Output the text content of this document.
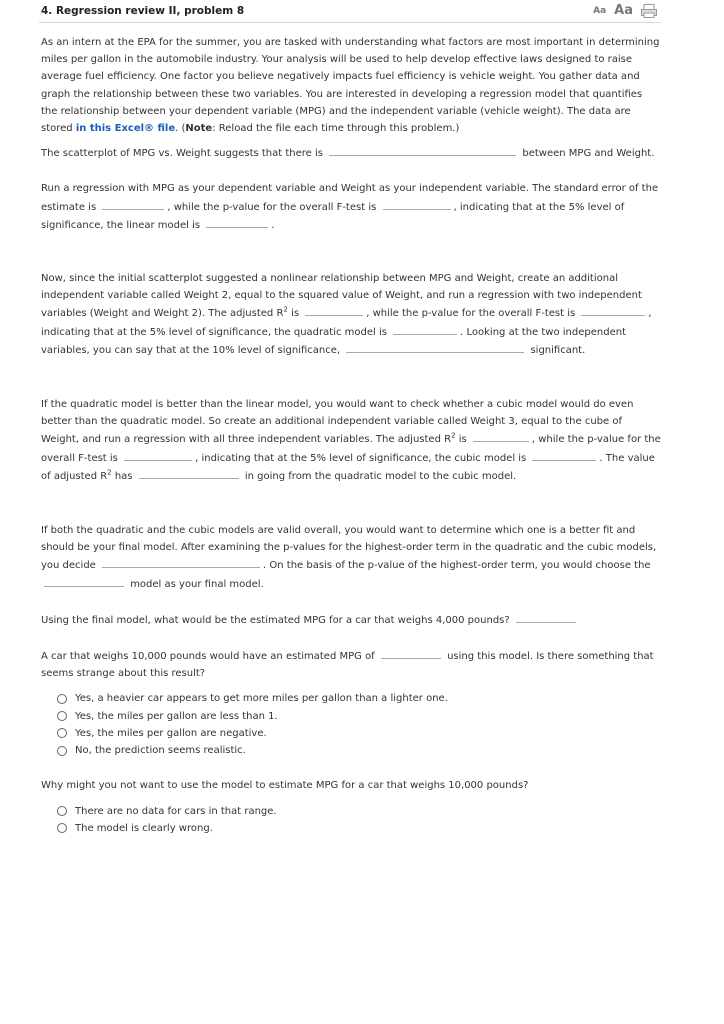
4. Regression review II, problem 8	Aa Aa

As an intern at the EPA for the summer, you are tasked with understanding what factors are most important in determining miles per gallon in the automobile industry. Your analysis will be used to help develop effective laws designed to raise average fuel efficiency. One factor you believe negatively impacts fuel efficiency is vehicle weight. You gather data and graph the relationship between these two variables. You are interested in developing a regression model that quantifies the relationship between your dependent variable (MPG) and the independent variable (vehicle weight). The data are stored in this Excel® file. (Note: Reload the file each time through this problem.)

The scatterplot of MPG vs. Weight suggests that there is	between MPG and Weight.

Run a regression with MPG as your dependent variable and Weight as your independent variable. The standard error of the estimate is	, while the p-value for the overall F-test is	, indicating that at the 5% level of significance, the linear model is	.

Now, since the initial scatterplot suggested a nonlinear relationship between MPG and Weight, create an additional independent variable called Weight 2, equal to the squared value of Weight, and run a regression with two independent variables (Weight and Weight 2). The adjusted $R^2$ is	, while the p-value for the overall F-test is	, indicating that at the 5% level of significance, the quadratic model is	. Looking at the two independent variables, you can say that at the 10% level of significance,	significant.

If the quadratic model is better than the linear model, you would want to check whether a cubic model would do even better than the quadratic model. So create an additional independent variable called Weight 3, equal to the cube of Weight, and run a regression with all three independent variables. The adjusted $R^2$ is	, while the p-value for the overall F-test is	, indicating that at the 5% level of significance, the cubic model is	. The value of adjusted $R^2$ has	in going from the quadratic model to the cubic model.

If both the quadratic and the cubic models are valid overall, you would want to determine which one is a better fit and should be your final model. After examining the p-values for the highest-order term in the quadratic and the cubic models, you decide	. On the basis of the p-value of the highest-order term, you would choose the  model as your final model.

Using the final model, what would be the estimated MPG for a car that weighs 4,000 pounds?

A car that weighs 10,000 pounds would have an estimated MPG of	using this model. Is there something that seems strange about this result?

Yes, a heavier car appears to get more miles per gallon than a lighter one.
Yes, the miles per gallon are less than 1.
Yes, the miles per gallon are negative.
No, the prediction seems realistic.

Why might you not want to use the model to estimate MPG for a car that weighs 10,000 pounds?

There are no data for cars in that range.
The model is clearly wrong.
